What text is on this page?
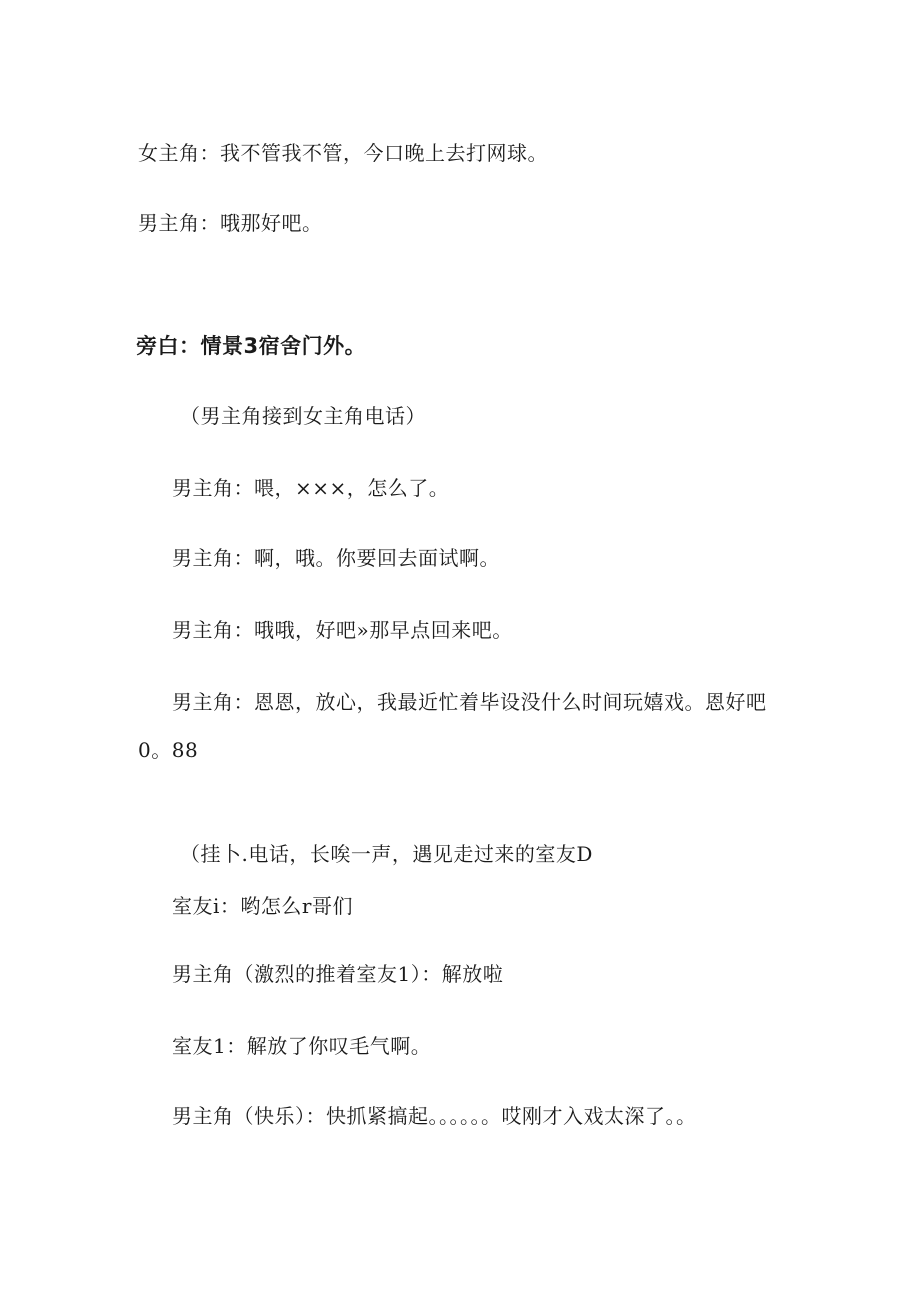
女主角：我不管我不管，今口晚上去打网球。
男主角：哦那好吧。
旁白：情景3宿舍门外。
（男主角接到女主角电话）
男主角：喂，×××，怎么了。
男主角：啊，哦。你要回去面试啊。
男主角：哦哦，好吧»那早点回来吧。
男主角：恩恩，放心，我最近忙着毕设没什么时间玩嬉戏。恩好吧
0。88
（挂卜.电话，长唉一声，遇见走过来的室友D
室友i：哟怎么r哥们
男主角（激烈的推着室友1）：解放啦
室友1：解放了你叹毛气啊。
男主角（快乐）：快抓紧搞起。。。。。。哎刚才入戏太深了。。
